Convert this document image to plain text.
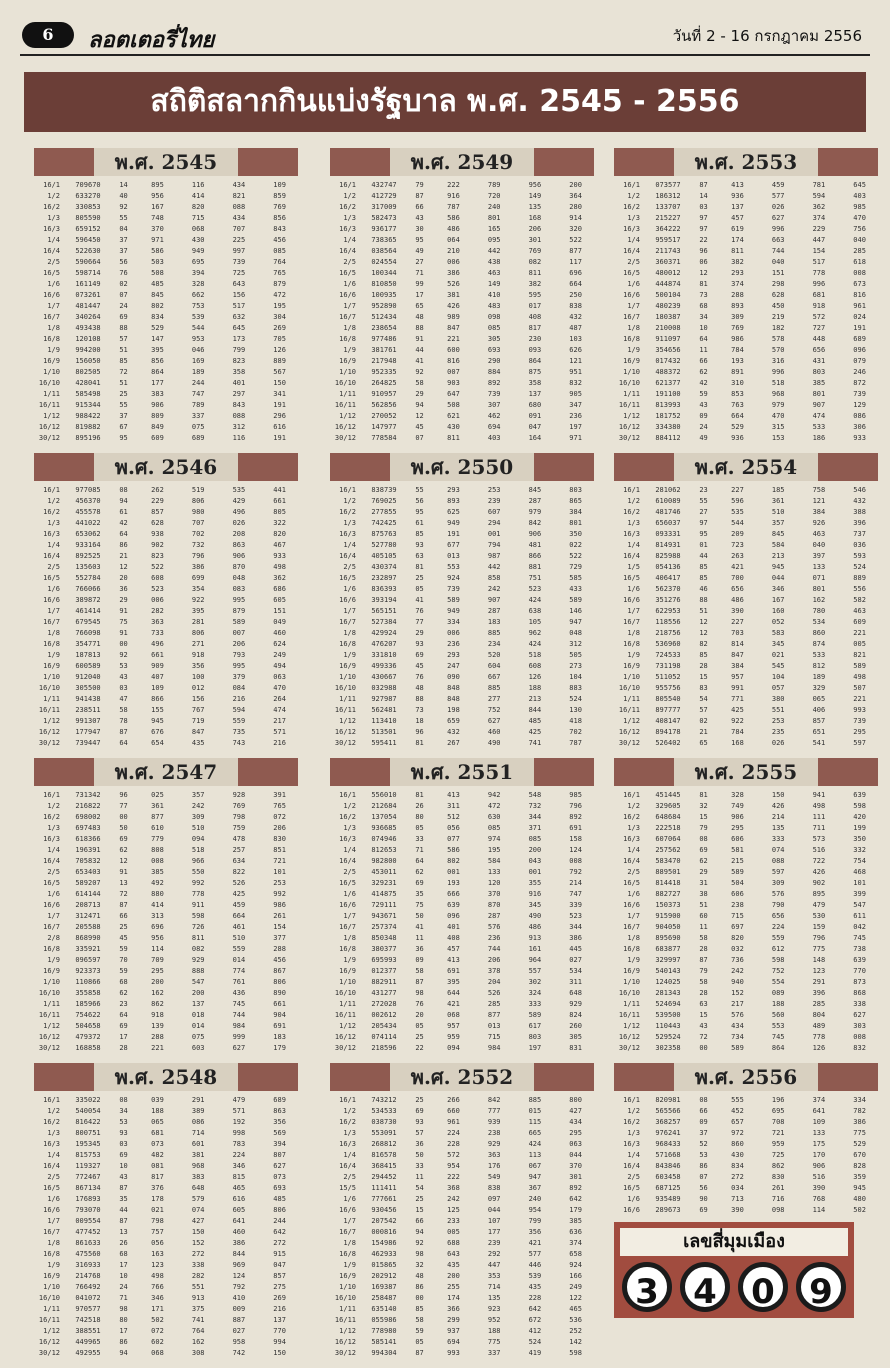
6	ลอตเตอรี่ไทย	วันที่ 2 - 16 กรกฎาคม 2556
สถิติสลากกินแบ่งรัฐบาล พ.ศ. 2545 - 2556
พ.ศ. 2545
16/1	709670	14	895	116	434	109
1/2	633270	40	956	414	821	859
16/2	330853	92	167	820	088	769
1/3	805590	55	748	715	434	856
16/3	659152	04	370	068	707	843
1/4	596450	37	971	430	225	456
16/4	522630	37	586	949	997	085
2/5	590664	56	503	695	739	764
16/5	598714	76	508	394	725	765
1/6	161149	02	485	328	643	879
16/6	073261	07	845	662	156	472
1/7	481447	24	802	753	517	195
16/7	340264	69	834	539	632	304
1/8	493438	88	529	544	645	269
16/8	120108	57	147	953	173	705
1/9	994200	51	395	046	799	126
16/9	156050	85	856	169	823	889
1/10	802505	72	864	189	358	567
16/10	428041	51	177	244	401	150
1/11	585498	25	383	747	297	341
16/11	915344	55	906	789	843	191
1/12	988422	37	809	337	088	296
16/12	819882	67	849	075	312	616
30/12	895196	95	609	689	116	191
พ.ศ. 2546
16/1	977085	08	262	519	535	441
1/2	456370	94	229	806	429	661
16/2	455578	61	857	980	496	805
1/3	441022	42	628	707	026	322
16/3	653062	64	938	702	208	820
1/4	933164	86	902	732	863	467
16/4	892525	21	823	796	906	933
2/5	135603	12	522	386	870	498
16/5	552784	20	608	699	048	362
1/6	766066	36	523	354	083	686
16/6	389872	29	006	922	995	605
1/7	461414	91	282	395	879	151
16/7	679545	75	363	281	589	049
1/8	766098	91	733	806	007	460
16/8	354771	00	496	271	206	624
1/9	187813	92	661	918	793	249
16/9	600589	53	909	356	995	494
1/10	912040	43	407	100	379	063
16/10	305500	03	109	012	084	470
1/11	941438	47	866	156	216	264
16/11	238511	58	155	767	594	474
1/12	991307	78	945	719	559	217
16/12	177947	87	676	847	735	571
30/12	739447	64	654	435	743	216
พ.ศ. 2547
16/1	731342	96	025	357	928	391
1/2	216822	77	361	242	769	765
16/2	698002	00	877	309	798	072
1/3	697483	50	610	510	759	206
16/3	618366	69	779	094	478	830
1/4	196391	62	808	518	257	851
16/4	705832	12	008	966	634	721
2/5	653403	91	385	550	822	101
16/5	589207	13	492	992	526	253
1/6	614144	72	880	778	425	992
16/6	208713	87	414	911	459	986
1/7	312471	66	313	598	664	261
16/7	205588	25	696	726	461	154
2/8	868990	45	956	811	510	377
16/8	335921	59	114	082	559	288
1/9	096597	70	709	929	014	456
16/9	923373	59	295	888	774	867
1/10	110866	68	200	547	761	806
16/10	355858	62	162	200	436	890
1/11	185966	23	862	137	745	661
16/11	754622	64	918	018	744	904
1/12	504658	69	139	014	984	691
16/12	479372	17	288	075	999	183
30/12	168858	28	221	603	627	179
พ.ศ. 2548
16/1	335022	08	039	291	479	689
1/2	540054	34	188	389	571	863
16/2	816422	53	065	086	192	356
1/3	800751	93	681	714	998	569
16/3	195345	03	073	601	783	394
1/4	815753	69	482	381	224	807
16/4	119327	10	081	968	346	627
2/5	772467	43	817	383	815	073
16/5	867134	87	376	648	465	693
1/6	176893	35	178	579	616	485
16/6	793070	44	021	074	605	806
1/7	009554	87	798	427	641	244
16/7	477452	13	757	150	460	642
1/8	861633	26	056	152	386	272
16/8	475560	68	163	272	844	915
1/9	316933	17	123	338	969	047
16/9	214768	10	498	282	124	857
1/10	766492	24	766	551	792	275
16/10	041072	71	346	913	410	269
1/11	970577	98	171	375	009	216
16/11	742518	80	502	741	887	137
1/12	388551	17	072	764	027	770
16/12	449965	86	602	162	958	994
30/12	492955	94	068	308	742	150
พ.ศ. 2549
16/1	432747	79	222	789	956	200
1/2	412729	87	916	720	149	364
16/2	317009	66	787	240	135	280
1/3	582473	43	586	801	168	914
16/3	936177	30	486	165	206	320
1/4	738365	95	064	095	301	522
16/4	038564	49	210	442	769	877
2/5	024554	27	006	438	082	117
16/5	100344	71	386	463	811	696
1/6	810850	99	526	149	382	664
16/6	100935	17	381	410	595	250
1/7	952890	65	426	483	017	838
16/7	512434	48	989	098	408	432
1/8	238654	88	847	085	817	487
16/8	977486	91	221	305	230	103
1/9	381761	44	600	693	093	626
16/9	217948	41	816	290	864	121
1/10	952335	92	007	884	875	951
16/10	264825	58	903	892	358	832
1/11	910957	29	647	739	137	905
16/11	562856	94	508	307	680	347
1/12	270052	12	621	462	091	236
16/12	147977	45	430	694	047	197
30/12	778584	07	811	403	164	971
พ.ศ. 2550
16/1	838739	55	293	253	845	803
1/2	769025	56	893	239	287	865
16/2	277855	95	625	607	979	384
1/3	742425	61	949	294	842	801
16/3	875763	85	191	001	906	350
1/4	527780	93	677	794	481	022
16/4	405105	63	013	987	866	522
2/5	430374	81	553	442	881	729
16/5	232897	25	924	858	751	585
1/6	836393	05	739	242	523	433
16/6	393194	41	589	907	424	589
1/7	565151	76	949	287	638	146
16/7	527384	77	334	183	105	947
1/8	429924	29	006	885	962	048
16/8	476207	93	236	234	424	312
1/9	331810	69	293	520	518	505
16/9	499336	45	247	604	608	273
1/10	430667	76	090	667	126	104
16/10	032988	48	848	885	188	883
1/11	927987	88	848	277	213	524
16/11	562481	73	198	752	844	130
1/12	113410	18	659	627	485	418
16/12	513501	96	432	460	425	702
30/12	595411	81	267	490	741	787
พ.ศ. 2551
16/1	556010	81	413	942	548	985
1/2	212684	26	311	472	732	796
16/2	137054	80	512	630	344	892
1/3	936685	05	056	085	371	691
16/3	074946	33	077	974	085	158
1/4	812653	71	586	195	200	124
16/4	982800	64	802	584	043	008
2/5	453011	62	001	133	001	792
16/5	329231	69	193	120	355	214
1/6	414875	35	666	370	916	747
16/6	729111	75	639	870	345	339
1/7	943671	50	096	287	490	523
16/7	257374	41	401	576	486	344
1/8	850348	11	408	236	913	386
16/8	380377	36	457	744	161	445
1/9	695993	09	413	206	964	027
16/9	012377	58	691	378	557	534
1/10	882911	87	395	204	302	311
16/10	431277	98	644	526	324	648
1/11	272028	76	421	285	333	929
16/11	002612	20	068	877	589	824
1/12	205434	05	957	013	617	260
16/12	074114	25	959	715	803	305
30/12	218596	22	094	984	197	831
พ.ศ. 2552
16/1	743212	25	266	842	885	800
1/2	534533	69	660	777	015	427
16/2	038730	93	961	939	115	434
1/3	553091	57	224	238	665	295
16/3	268812	36	228	929	424	063
1/4	816578	50	572	363	113	044
16/4	368415	33	954	176	067	370
2/5	294452	11	222	549	947	301
15/5	111411	54	368	838	367	892
1/6	777661	25	242	097	240	642
16/6	930456	15	125	044	954	179
1/7	207542	66	233	107	799	385
16/7	000816	94	005	177	356	636
1/8	154986	92	688	239	421	374
16/8	462933	98	643	292	577	658
1/9	015865	32	435	447	446	924
16/9	202912	48	200	353	539	166
1/10	169387	86	255	714	435	249
16/10	258487	00	174	135	228	122
1/11	635140	85	366	923	642	465
16/11	055986	58	299	952	672	536
1/12	778980	59	937	188	412	252
16/12	585141	05	694	775	524	142
30/12	994304	87	993	337	419	598
พ.ศ. 2553
16/1	073577	87	413	459	781	645
1/2	186312	14	936	577	594	403
16/2	133707	03	137	026	362	985
1/3	215227	97	457	627	374	470
16/3	364222	97	619	996	229	756
1/4	959517	22	174	663	447	040
16/4	211743	96	811	744	154	285
2/5	360371	06	382	040	517	618
16/5	480012	12	293	151	778	008
1/6	444874	81	374	298	996	673
16/6	500104	73	288	628	681	816
1/7	480239	68	893	450	918	961
16/7	180387	34	309	219	572	024
1/8	210008	10	769	182	727	191
16/8	911097	64	986	578	448	689
1/9	354656	11	784	570	656	096
16/9	017432	66	193	316	431	079
1/10	488372	62	891	996	803	246
16/10	621377	42	310	518	385	872
1/11	191100	59	853	968	801	739
16/11	813993	43	763	979	907	129
1/12	181752	09	664	470	474	086
16/12	334380	24	529	315	533	306
30/12	884112	49	936	153	186	933
พ.ศ. 2554
16/1	281062	23	227	185	758	546
1/2	610089	55	596	361	121	432
16/2	481746	27	535	510	384	388
1/3	656037	97	544	357	926	396
16/3	093331	95	209	845	463	737
1/4	814931	01	723	584	040	036
16/4	825988	44	263	213	397	593
1/5	054136	85	421	945	133	524
16/5	406417	85	700	044	071	889
1/6	562370	46	656	346	801	556
16/6	351276	88	486	167	162	582
1/7	622953	51	390	160	780	463
16/7	118556	12	227	052	534	609
1/8	218756	12	703	583	860	221
16/8	536960	82	814	345	874	005
1/9	724533	85	847	021	533	821
16/9	731198	28	384	545	812	589
1/10	511052	15	957	104	189	498
16/10	955756	83	991	057	329	507
1/11	805540	54	771	380	065	221
16/11	897777	57	425	551	406	993
1/12	408147	02	922	253	857	739
16/12	894178	21	784	235	651	295
30/12	526402	65	168	026	541	597
พ.ศ. 2555
16/1	451445	81	328	150	941	639
1/2	329605	32	749	426	498	598
16/2	648684	15	906	214	111	420
1/3	222518	79	295	135	711	199
16/3	607064	08	606	333	573	350
1/4	257562	69	581	074	516	332
16/4	583470	62	215	088	722	754
2/5	889501	29	589	597	426	468
16/5	814418	31	504	309	902	101
1/6	882727	38	606	576	895	399
16/6	150373	51	238	790	479	547
1/7	915900	60	715	656	530	611
16/7	904050	11	697	224	159	042
1/8	895690	58	820	559	796	745
16/8	683877	28	032	612	775	738
1/9	329997	87	736	598	148	639
16/9	540143	79	242	752	123	770
1/10	124025	58	940	554	291	873
16/10	281343	28	152	089	396	868
1/11	524694	63	217	188	285	338
16/11	539500	15	576	560	804	627
1/12	110443	43	434	553	489	303
16/12	529524	72	734	745	778	008
30/12	302358	00	589	864	126	832
พ.ศ. 2556
16/1	820981	08	555	196	374	334
1/2	565566	66	452	695	641	782
16/2	368257	09	657	708	109	386
1/3	976241	37	972	721	133	775
16/3	968433	52	860	959	175	529
1/4	571668	53	430	725	170	670
16/4	843846	86	834	862	906	828
2/5	603458	07	272	830	516	359
16/5	687125	56	034	261	390	945
1/6	935489	90	713	716	768	480
16/6	289673	69	390	098	114	502
เลขสี่มุมเมือง
3	4	0	9
